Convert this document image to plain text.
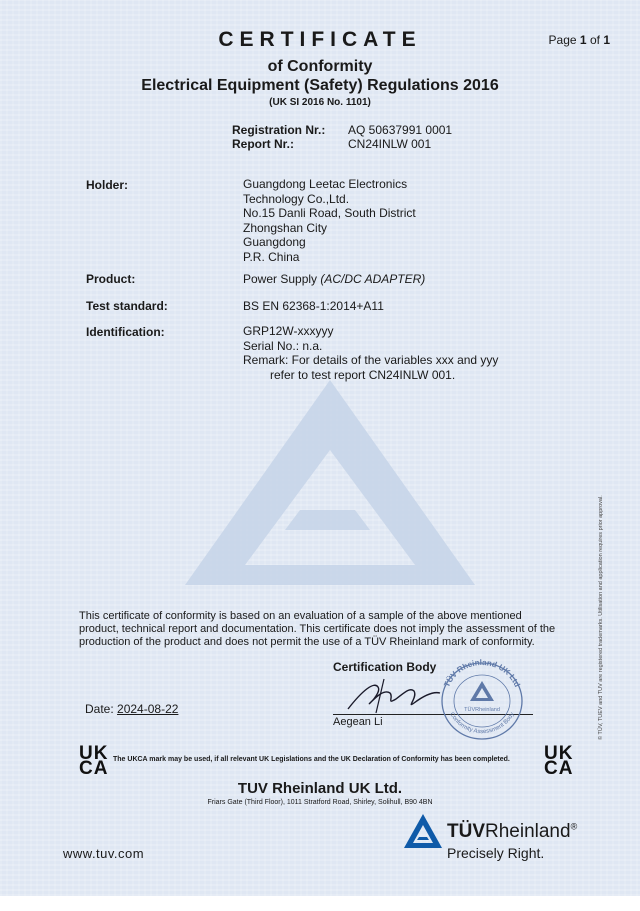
CERTIFICATE	Page 1 of 1
of Conformity
Electrical Equipment (Safety) Regulations 2016
(UK SI 2016 No. 1101)
Registration Nr.: AQ 50637991 0001
Report Nr.:	CN24INLW 001
Holder:	Guangdong Leetac Electronics
Technology Co.,Ltd.
No.15 Danli Road, South District
Zhongshan City
Guangdong
P.R. China
Product:	Power Supply (AC/DC ADAPTER)
Test standard:	BS EN 62368-1:2014+A11
Identification:	GRP12W-xxxyyy
Serial No.: n.a.
Remark: For details of the variables xxx and yyy
refer to test report CN24INLW 001.
This certificate of conformity is based on an evaluation of a sample of the above mentioned product, technical report and documentation. This certificate does not imply the assessment of the production of the product and does not permit the use of a TÜV Rheinland mark of conformity.
Certification Body
Aegean Li
TÜV Rheinland UK Ltd
Conformity Assessment Body
TÜVRheinland
Date: 2024-08-22
UK
CA The UKCA mark may be used, if all relevant UK Legislations and the UK Declaration of Conformity has been completed. UK
CA
TUV Rheinland UK Ltd.
Friars Gate (Third Floor), 1011 Stratford Road, Shirley, Solihull, B90 4BN
www.tuv.com
TÜVRheinland®
Precisely Right.
© TÜV, TUEV and TUV are registered trademarks. Utilisation and application requires prior approval.
